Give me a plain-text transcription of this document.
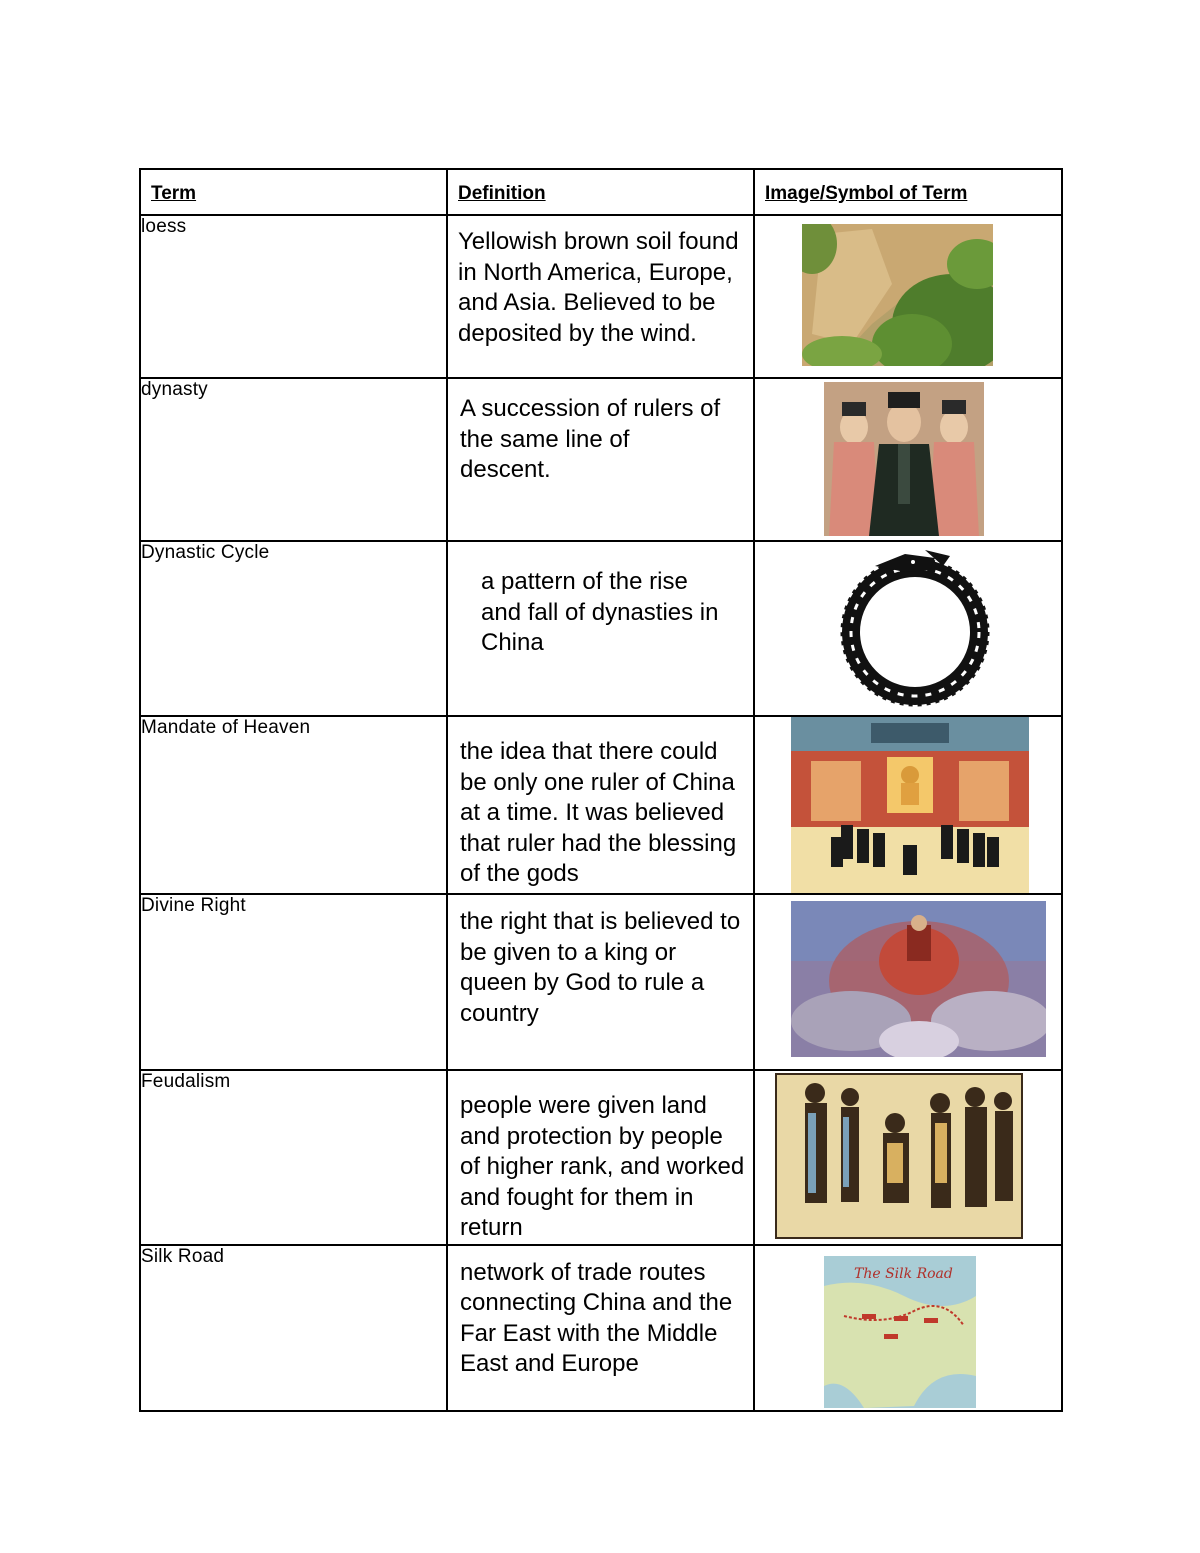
Term	Definition	Image/Symbol of Term
loess	Yellowish brown soil found in North America, Europe, and Asia. Believed to be deposited by the wind.	

dynasty	A succession of rulers of the same line of descent.	

Dynastic Cycle	a pattern of the rise and fall of dynasties in China	

Mandate of Heaven	the idea that there could be only one ruler of China at a time. It was believed that ruler had the blessing of the gods	

Divine Right	the right that is believed to be given to a king or queen by God to rule a country	

Feudalism	people were given land and protection by people of higher rank, and worked and fought for them in return	

Silk Road	network of trade routes connecting China and the Far East with the Middle East and Europe	The Silk Road
